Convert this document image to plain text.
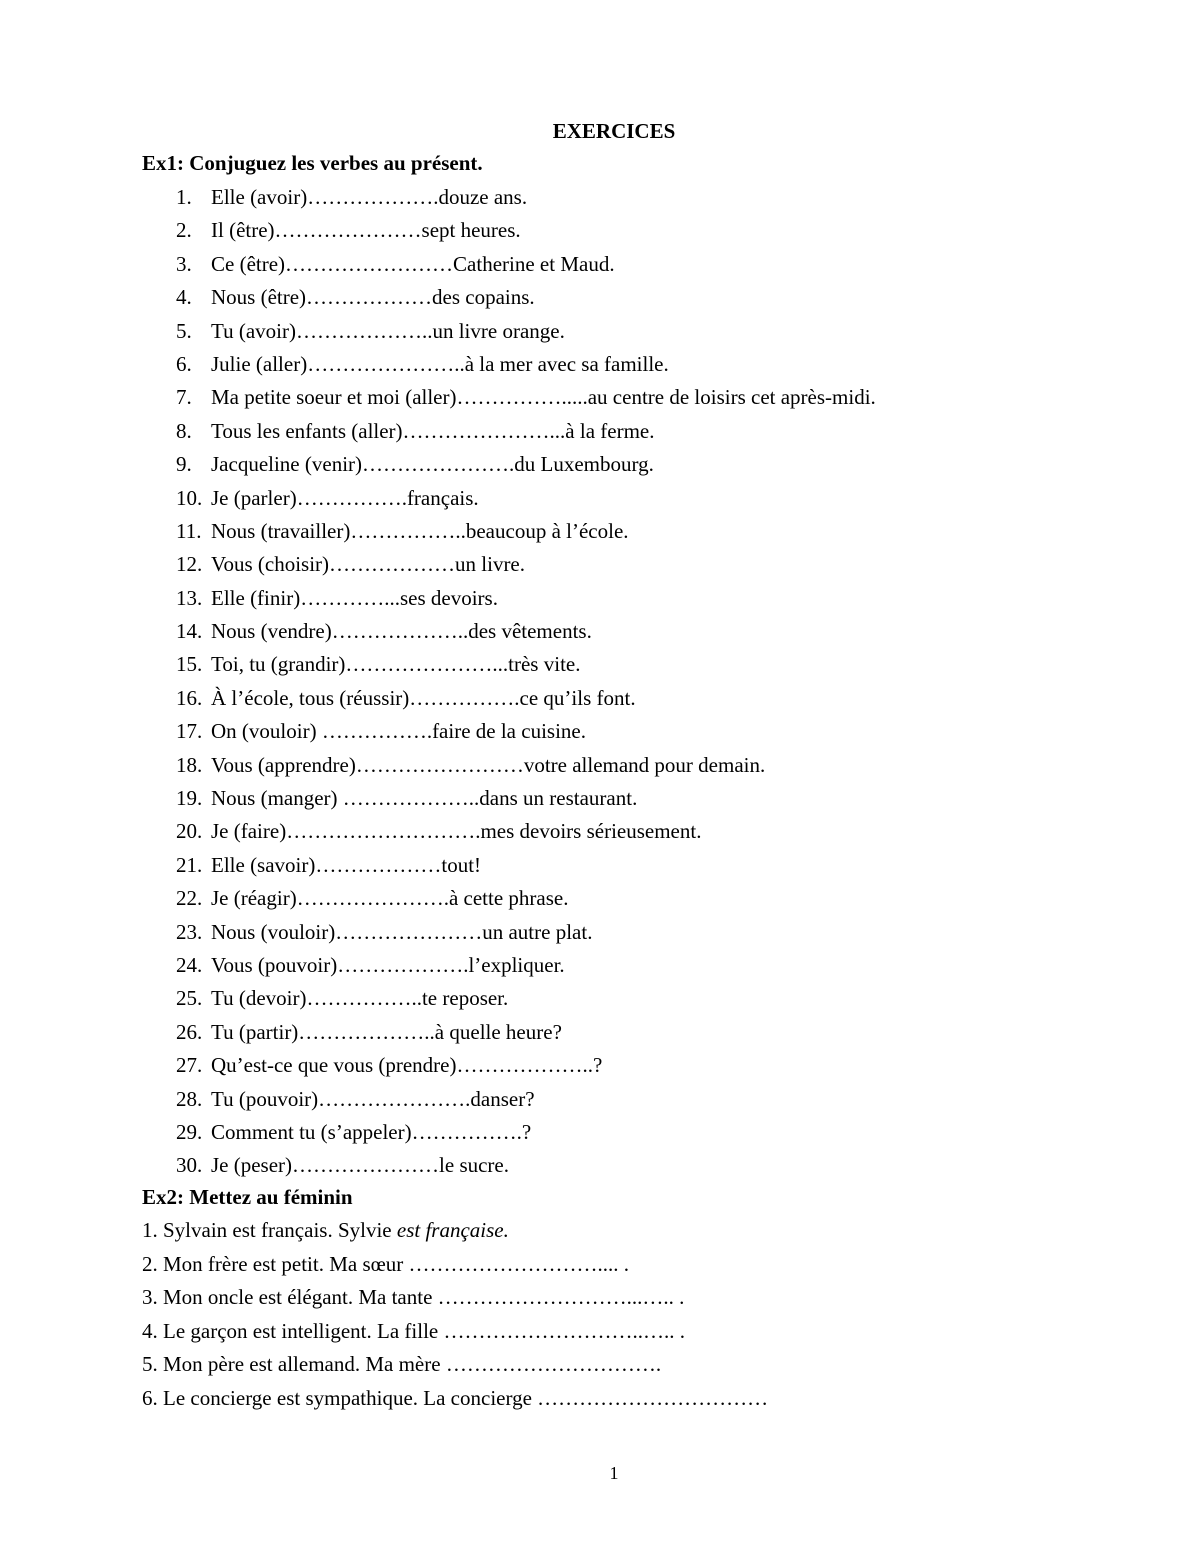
EXERCICES
Ex1: Conjuguez les verbes au présent.
1. Elle (avoir)……………….douze ans.
2. Il (être)…………………sept heures.
3. Ce (être)……………………Catherine et Maud.
4. Nous (être)………………des copains.
5. Tu (avoir)………………..un livre orange.
6. Julie (aller)…………………..à la mer avec sa famille.
7. Ma petite soeur et moi (aller)…………….....au centre de loisirs cet après-midi.
8. Tous les enfants (aller)…………………...à la ferme.
9. Jacqueline (venir)………………….du Luxembourg.
10. Je (parler)…………….français.
11. Nous (travailler)……………..beaucoup à l’école.
12. Vous (choisir)………………un livre.
13. Elle (finir)…………...ses devoirs.
14. Nous (vendre)………………..des vêtements.
15. Toi, tu (grandir)…………………...très vite.
16. À l’école, tous (réussir)…………….ce qu’ils font.
17. On (vouloir) …………….faire de la cuisine.
18. Vous (apprendre)……………………votre allemand pour demain.
19. Nous (manger) ………………..dans un restaurant.
20. Je (faire)……………………….mes devoirs sérieusement.
21. Elle (savoir)………………tout!
22. Je (réagir)………………….à cette phrase.
23. Nous (vouloir)…………………un autre plat.
24. Vous (pouvoir)……………….l’expliquer.
25. Tu (devoir)……………..te reposer.
26. Tu (partir)………………..à quelle heure?
27. Qu’est-ce que vous (prendre)………………..?
28. Tu (pouvoir)………………….danser?
29. Comment tu (s’appeler)…………….?
30. Je (peser)…………………le sucre.
Ex2: Mettez au féminin
1. Sylvain est français. Sylvie est française.
2. Mon frère est petit. Ma sœur ……………………….... .
3. Mon oncle est élégant. Ma tante ………………………...….. .
4. Le garçon est intelligent. La fille ………………………..….. .
5. Mon père est allemand. Ma mère ………………………….
6. Le concierge est sympathique. La concierge ……………………………
1
